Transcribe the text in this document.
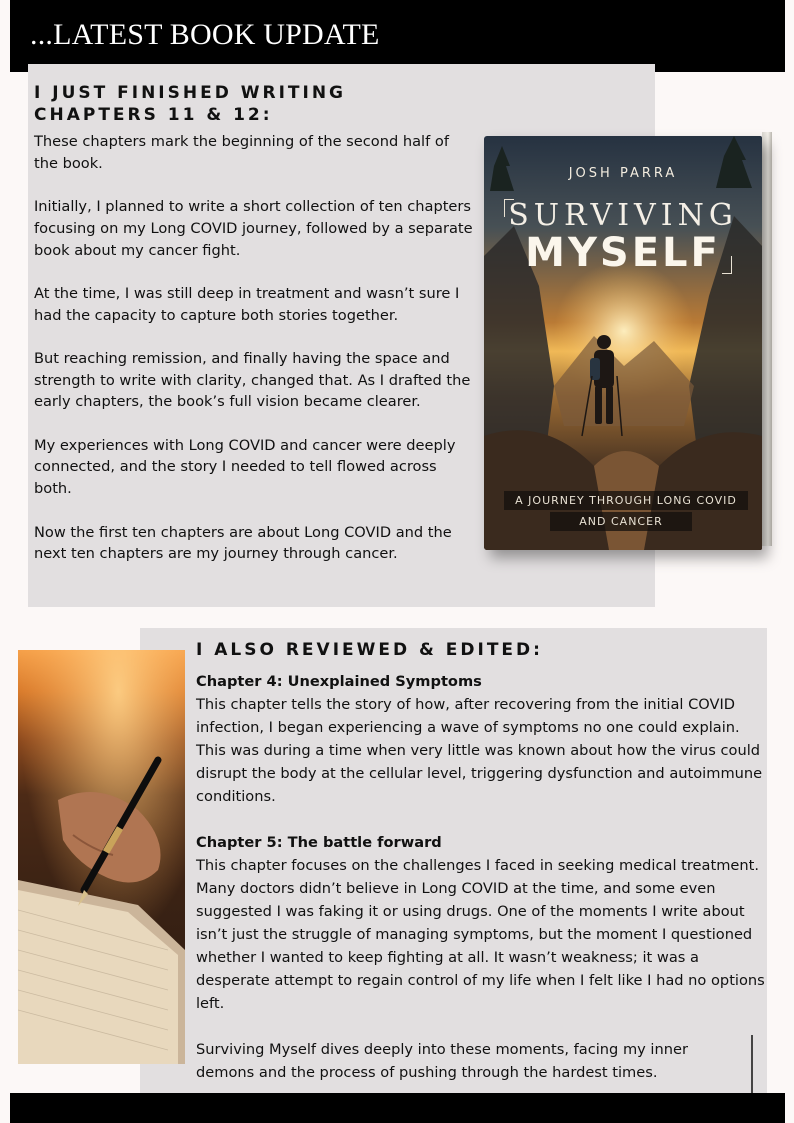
...LATEST BOOK UPDATE
I JUST FINISHED WRITING
CHAPTERS 11 & 12:

These chapters mark the beginning of the second half of the book.

Initially, I planned to write a short collection of ten chapters focusing on my Long COVID journey, followed by a separate book about my cancer fight.

At the time, I was still deep in treatment and wasn’t sure I had the capacity to capture both stories together.

But reaching remission, and finally having the space and strength to write with clarity, changed that. As I drafted the early chapters, the book’s full vision became clearer.

My experiences with Long COVID and cancer were deeply connected, and the story I needed to tell flowed across both.

Now the first ten chapters are about Long COVID and the next ten chapters are my journey through cancer.

JOSH PARRA
SURVIVING
MYSELF
A JOURNEY THROUGH LONG COVID
AND CANCER
I ALSO REVIEWED & EDITED:
Chapter 4: Unexplained Symptoms
This chapter tells the story of how, after recovering from the initial COVID infection, I began experiencing a wave of symptoms no one could explain. This was during a time when very little was known about how the virus could disrupt the body at the cellular level, triggering dysfunction and autoimmune conditions.
Chapter 5: The battle forward
This chapter focuses on the challenges I faced in seeking medical treatment. Many doctors didn’t believe in Long COVID at the time, and some even suggested I was faking it or using drugs. One of the moments I write about isn’t just the struggle of managing symptoms, but the moment I questioned whether I wanted to keep fighting at all. It wasn’t weakness; it was a desperate attempt to regain control of my life when I felt like I had no options left.
Surviving Myself dives deeply into these moments, facing my inner demons and the process of pushing through the hardest times.
